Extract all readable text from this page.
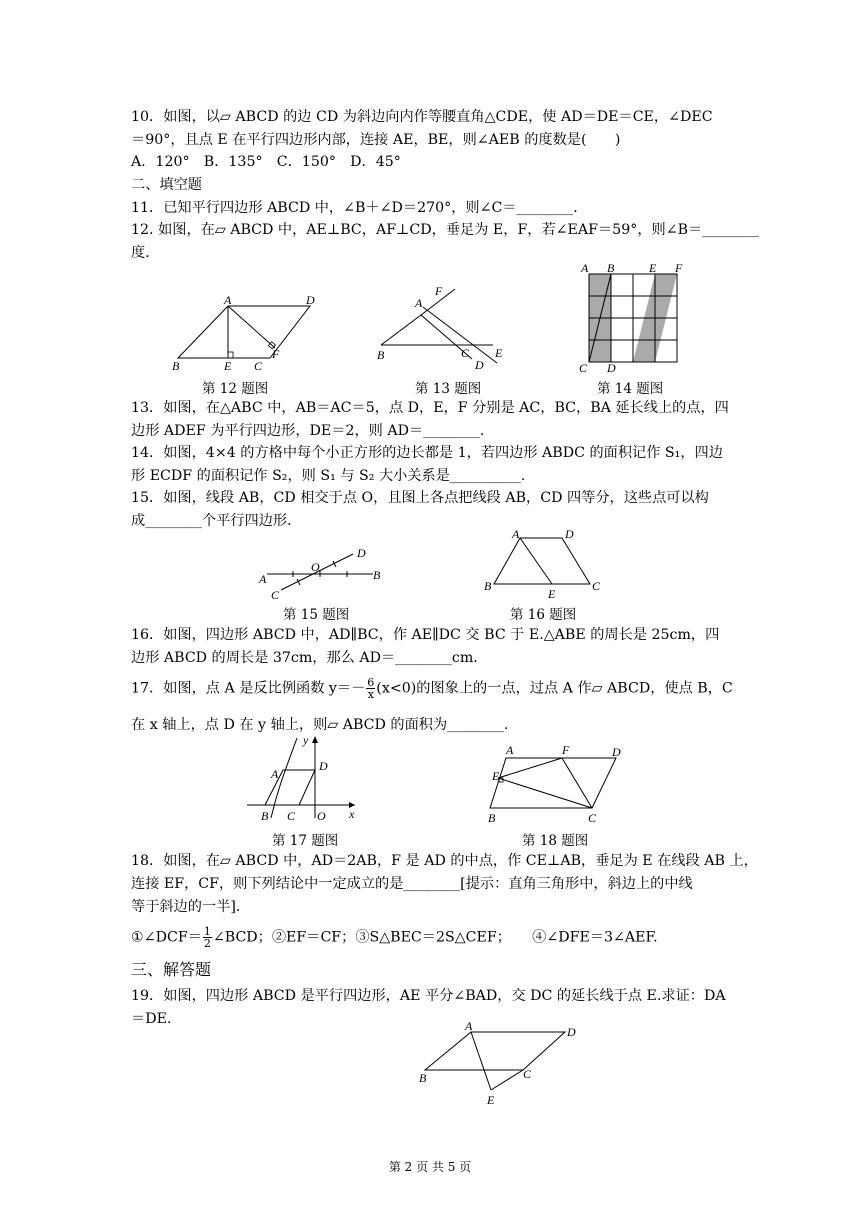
10．如图，以▱ ABCD 的边 CD 为斜边向内作等腰直角△CDE，使 AD＝DE＝CE，∠DEC
＝90°，且点 E 在平行四边形内部，连接 AE，BE，则∠AEB 的度数是(　　)
A．120°　B．135°　C．150°　D．45°
二、填空题
11．已知平行四边形 ABCD 中，∠B＋∠D＝270°，则∠C＝________．
12. 如图，在▱ ABCD 中，AE⊥BC，AF⊥CD，垂足为 E，F，若∠EAF＝59°，则∠B＝________
度．
A	D
B	E C
F
第 12 题图
A
F
B	C
D
E
第 13 题图
A B	E F
C D
第 14 题图
13．如图，在△ABC 中，AB＝AC＝5，点 D，E，F 分别是 AC，BC，BA 延长线上的点，四
边形 ADEF 为平行四边形，DE＝2，则 AD＝________.
14．如图，4×4 的方格中每个小正方形的边长都是 1，若四边形 ABDC 的面积记作 S₁，四边
形 ECDF 的面积记作 S₂，则 S₁ 与 S₂ 大小关系是__________.
15．如图，线段 AB，CD 相交于点 O，且图上各点把线段 AB，CD 四等分，这些点可以构
成________个平行四边形．
A	B
C
D
O
第 15 题图
A	D
B	C
E
第 16 题图
16．如图，四边形 ABCD 中，AD∥BC，作 AE∥DC 交 BC 于 E.△ABE 的周长是 25cm，四
边形 ABCD 的周长是 37cm，那么 AD＝________cm.
17．如图，点 A 是反比例函数 $y=- \frac{6}{x} (x<0)$的图象上的一点，过点 A 作▱ ABCD，使点 B，C
在 x 轴上，点 D 在 y 轴上，则▱ ABCD 的面积为________.
A
D
B C O x
y
第 17 题图
A	F	D
E
B	C
第 18 题图
18．如图，在▱ ABCD 中，AD＝2AB，F 是 AD 的中点，作 CE⊥AB，垂足为 E 在线段 AB 上，
连接 EF，CF，则下列结论中一定成立的是________[提示：直角三角形中，斜边上的中线
等于斜边的一半]．
①∠DCF＝ $\frac{1}{2}$ ∠BCD；②EF＝CF；③S△BEC＝2S△CEF；　　④∠DFE＝3∠AEF.
三、解答题
19．如图，四边形 ABCD 是平行四边形，AE 平分∠BAD，交 DC 的延长线于点 E.求证：DA
＝DE.	A	D
B	C
E
第 2 页 共 5 页
